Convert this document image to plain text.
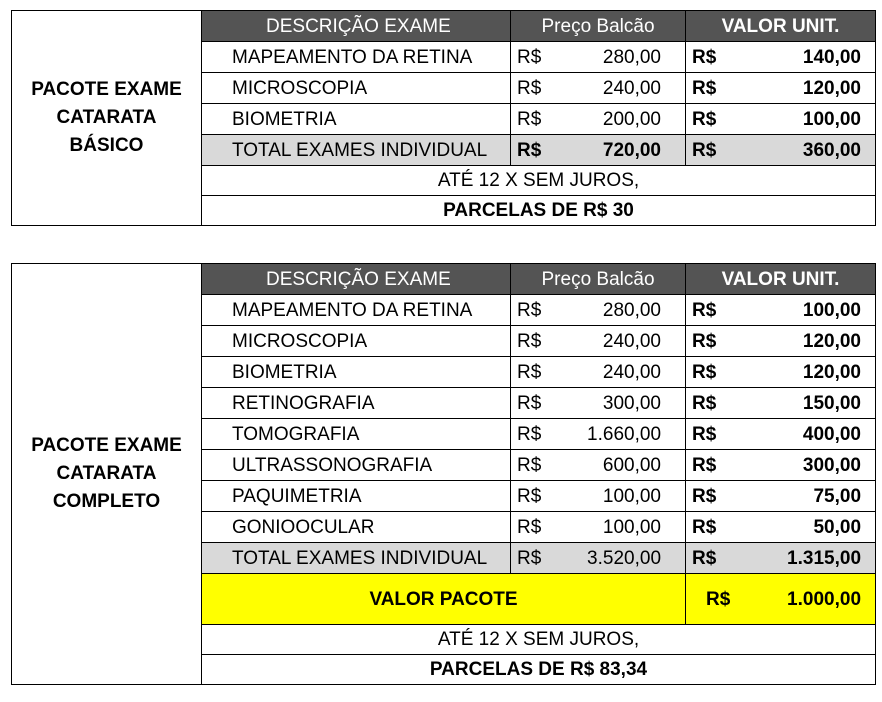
PACOTE EXAME
CATARATA
BÁSICO	DESCRIÇÃO EXAME	Preço Balcão		VALOR UNIT.	
	MAPEAMENTO DA RETINA	R$	280,00	R$	140,00
	MICROSCOPIA	R$	240,00	R$	120,00
	BIOMETRIA	R$	200,00	R$	100,00
	TOTAL EXAMES INDIVIDUAL	R$	720,00	R$	360,00
	ATÉ 12 X SEM JUROS,				
	PARCELAS DE R$ 30				
PACOTE EXAME
CATARATA
COMPLETO	DESCRIÇÃO EXAME	Preço Balcão		VALOR UNIT.	
	MAPEAMENTO DA RETINA	R$	280,00	R$	100,00
	MICROSCOPIA	R$	240,00	R$	120,00
	BIOMETRIA	R$	240,00	R$	120,00
	RETINOGRAFIA	R$	300,00	R$	150,00
	TOMOGRAFIA	R$	1.660,00	R$	400,00
	ULTRASSONOGRAFIA	R$	600,00	R$	300,00
	PAQUIMETRIA	R$	100,00	R$	75,00
	GONIOOCULAR	R$	100,00	R$	50,00
	TOTAL EXAMES INDIVIDUAL	R$	3.520,00	R$	1.315,00
	VALOR PACOTE			R$	1.000,00
	ATÉ 12 X SEM JUROS,				
	PARCELAS DE R$ 83,34				
